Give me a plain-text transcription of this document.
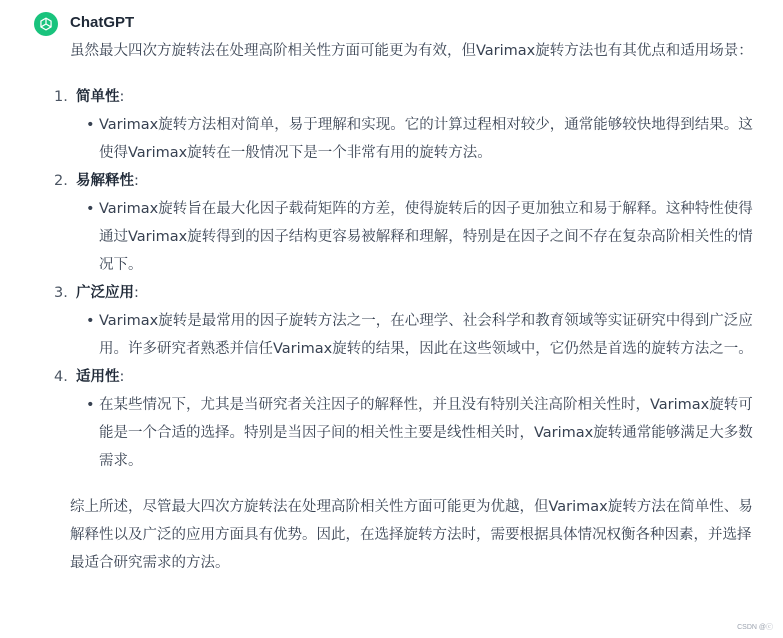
ChatGPT

虽然最大四次方旋转法在处理高阶相关性方面可能更为有效，但Varimax旋转方法也有其优点和适用场景：

1. 简单性:
• Varimax旋转方法相对简单，易于理解和实现。它的计算过程相对较少，通常能够较快地得到结果。这使得Varimax旋转在一般情况下是一个非常有用的旋转方法。
2. 易解释性:
• Varimax旋转旨在最大化因子载荷矩阵的方差，使得旋转后的因子更加独立和易于解释。这种特性使得通过Varimax旋转得到的因子结构更容易被解释和理解，特别是在因子之间不存在复杂高阶相关性的情况下。
3. 广泛应用:
• Varimax旋转是最常用的因子旋转方法之一，在心理学、社会科学和教育领域等实证研究中得到广泛应用。许多研究者熟悉并信任Varimax旋转的结果，因此在这些领域中，它仍然是首选的旋转方法之一。
4. 适用性:
• 在某些情况下，尤其是当研究者关注因子的解释性，并且没有特别关注高阶相关性时，Varimax旋转可能是一个合适的选择。特别是当因子间的相关性主要是线性相关时，Varimax旋转通常能够满足大多数需求。

综上所述，尽管最大四次方旋转法在处理高阶相关性方面可能更为优越，但Varimax旋转方法在简单性、易解释性以及广泛的应用方面具有优势。因此，在选择旋转方法时，需要根据具体情况权衡各种因素，并选择最适合研究需求的方法。

CSDN @ⓒ
